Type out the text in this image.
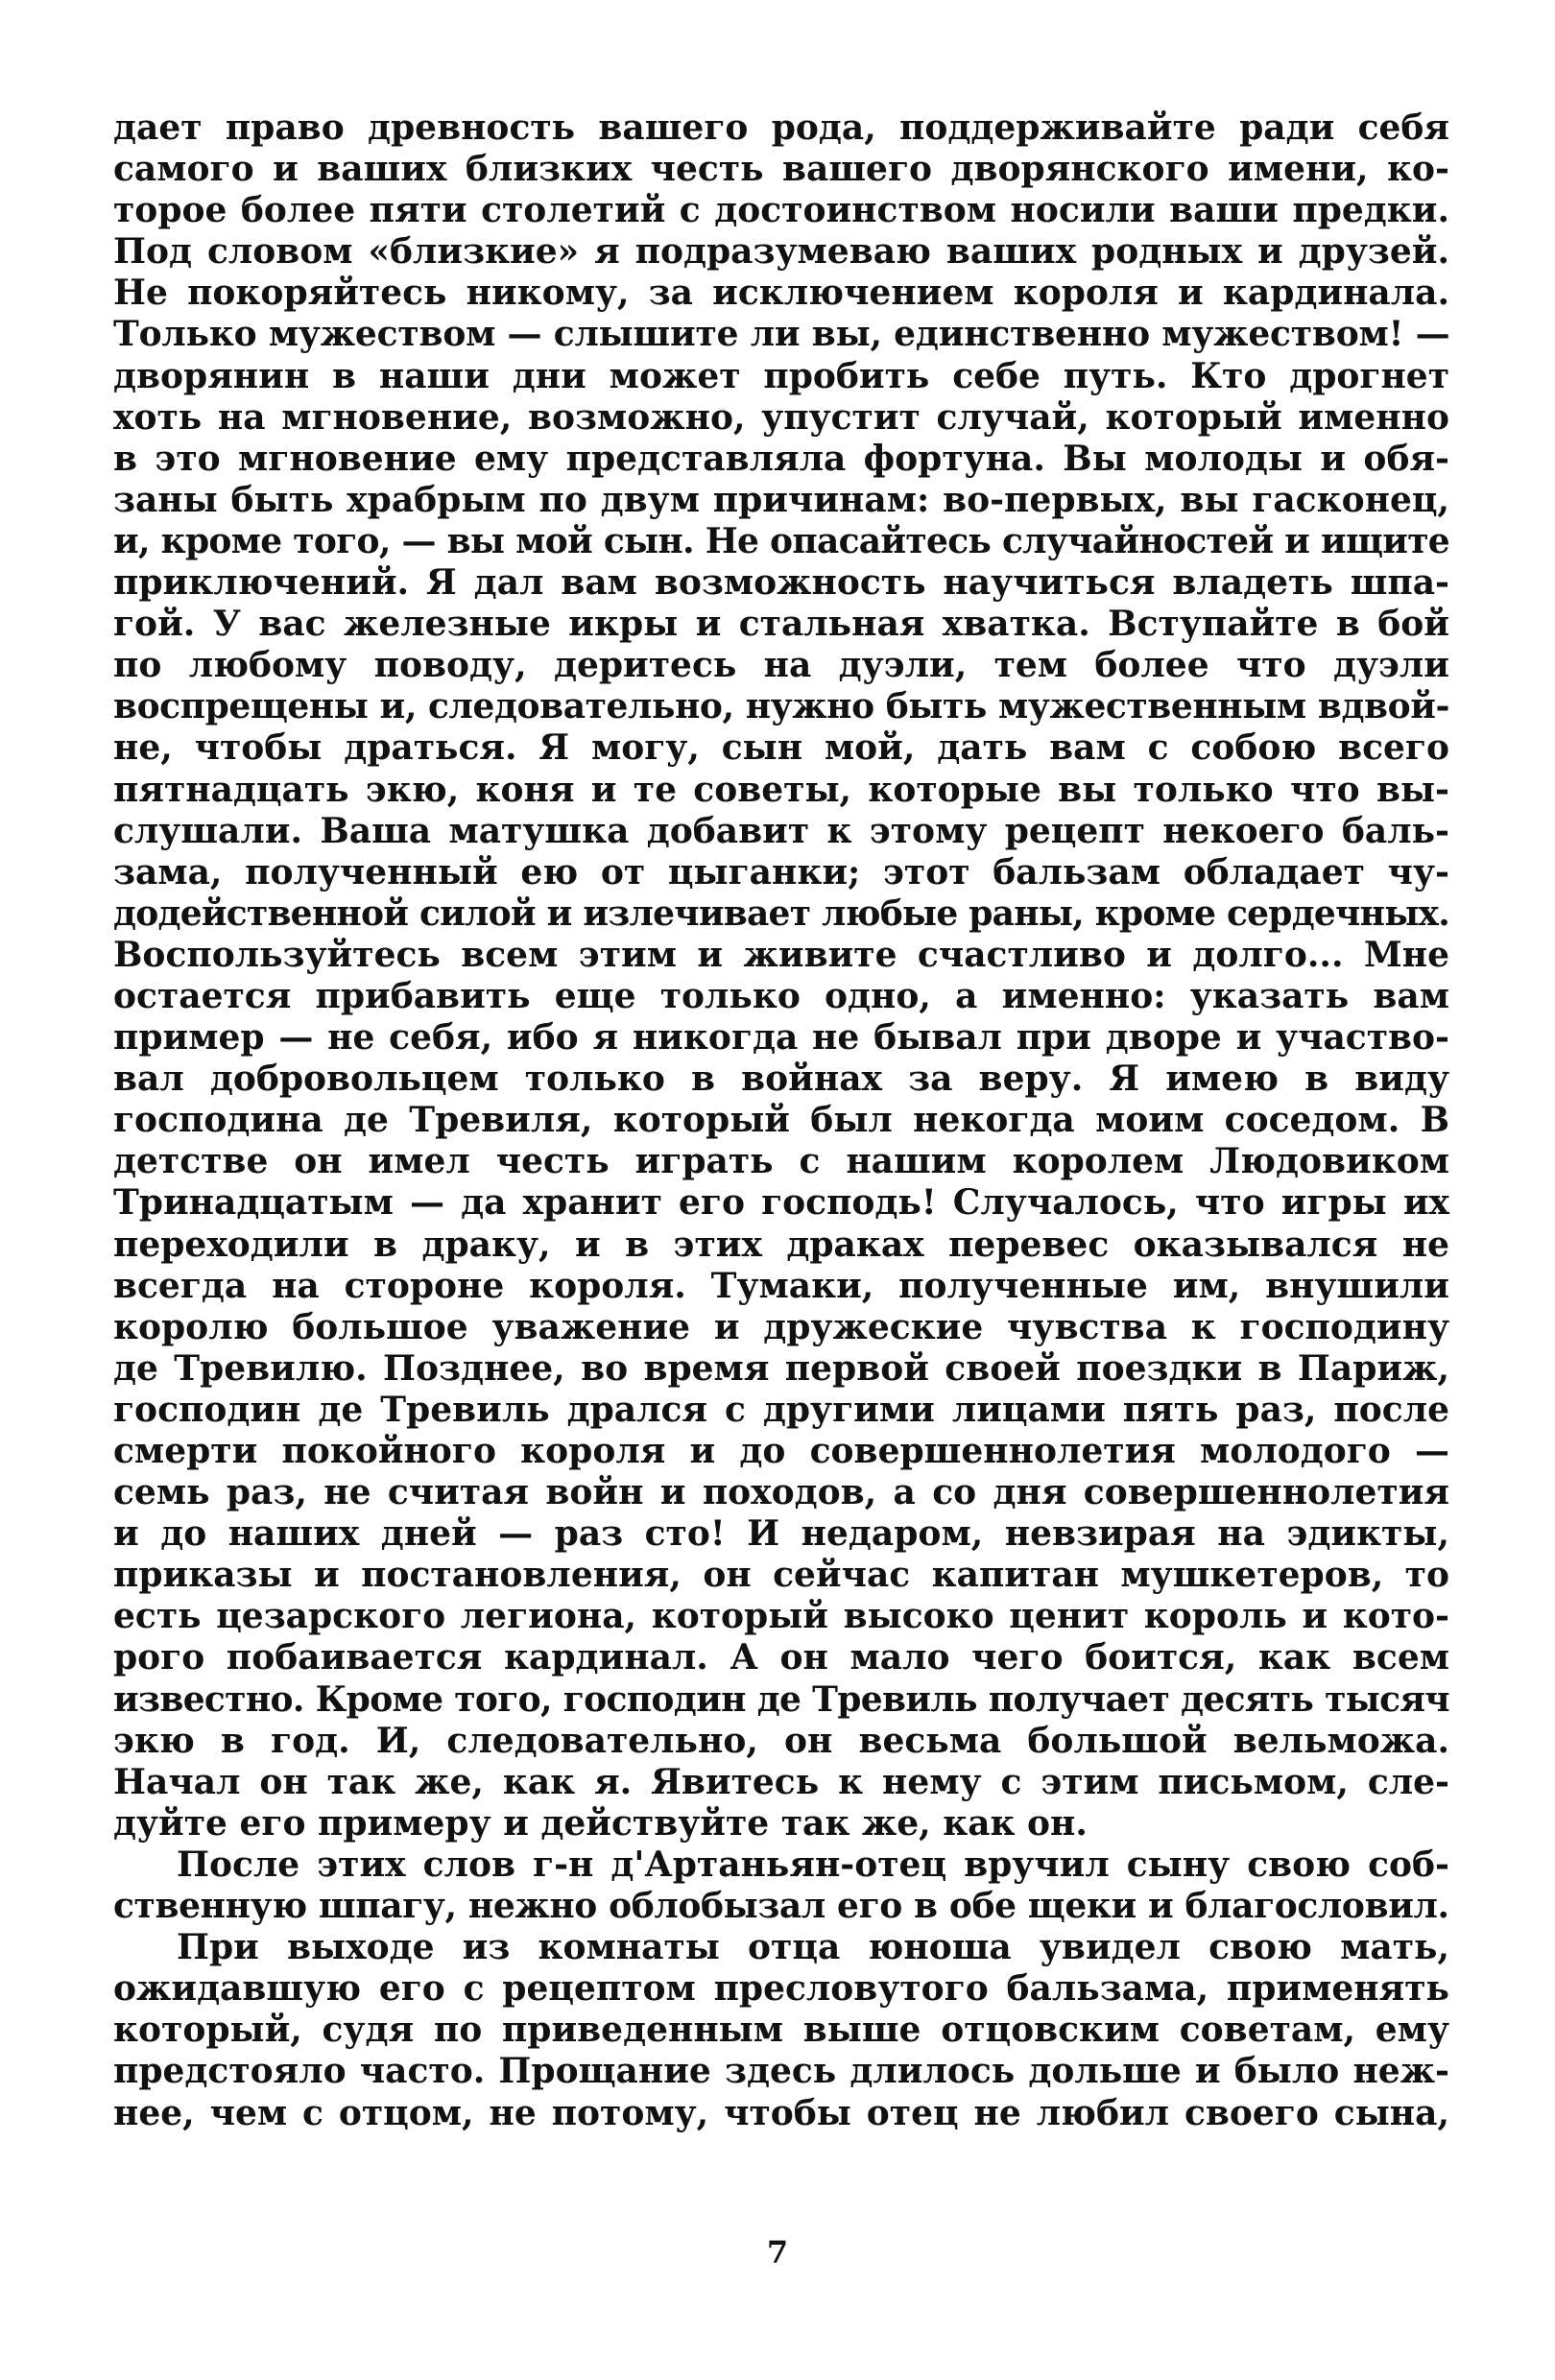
дает право древность вашего рода, поддерживайте ради себя
самого и ваших близких честь вашего дворянского имени, ко-
торое более пяти столетий с достоинством носили ваши предки.
Под словом «близкие» я подразумеваю ваших родных и друзей.
Не покоряйтесь никому, за исключением короля и кардинала.
Только мужеством — слышите ли вы, единственно мужеством! —
дворянин в наши дни может пробить себе путь. Кто дрогнет
хоть на мгновение, возможно, упустит случай, который именно
в это мгновение ему представляла фортуна. Вы молоды и обя-
заны быть храбрым по двум причинам: во-первых, вы гасконец,
и, кроме того, — вы мой сын. Не опасайтесь случайностей и ищите
приключений. Я дал вам возможность научиться владеть шпа-
гой. У вас железные икры и стальная хватка. Вступайте в бой
по любому поводу, деритесь на дуэли, тем более что дуэли
воспрещены и, следовательно, нужно быть мужественным вдвой-
не, чтобы драться. Я могу, сын мой, дать вам с собою всего
пятнадцать экю, коня и те советы, которые вы только что вы-
слушали. Ваша матушка добавит к этому рецепт некоего баль-
зама, полученный ею от цыганки; этот бальзам обладает чу-
додейственной силой и излечивает любые раны, кроме сердечных.
Воспользуйтесь всем этим и живите счастливо и долго... Мне
остается прибавить еще только одно, а именно: указать вам
пример — не себя, ибо я никогда не бывал при дворе и участво-
вал добровольцем только в войнах за веру. Я имею в виду
господина де Тревиля, который был некогда моим соседом. В
детстве он имел честь играть с нашим королем Людовиком
Тринадцатым — да хранит его господь! Случалось, что игры их
переходили в драку, и в этих драках перевес оказывался не
всегда на стороне короля. Тумаки, полученные им, внушили
королю большое уважение и дружеские чувства к господину
де Тревилю. Позднее, во время первой своей поездки в Париж,
господин де Тревиль дрался с другими лицами пять раз, после
смерти покойного короля и до совершеннолетия молодого —
семь раз, не считая войн и походов, а со дня совершеннолетия
и до наших дней — раз сто! И недаром, невзирая на эдикты,
приказы и постановления, он сейчас капитан мушкетеров, то
есть цезарского легиона, который высоко ценит король и кото-
рого побаивается кардинал. А он мало чего боится, как всем
известно. Кроме того, господин де Тревиль получает десять тысяч
экю в год. И, следовательно, он весьма большой вельможа.
Начал он так же, как я. Явитесь к нему с этим письмом, сле-
дуйте его примеру и действуйте так же, как он.
После этих слов г-н д'Артаньян-отец вручил сыну свою соб-
ственную шпагу, нежно облобызал его в обе щеки и благословил.
При выходе из комнаты отца юноша увидел свою мать,
ожидавшую его с рецептом пресловутого бальзама, применять
который, судя по приведенным выше отцовским советам, ему
предстояло часто. Прощание здесь длилось дольше и было неж-
нее, чем с отцом, не потому, чтобы отец не любил своего сына,
7
